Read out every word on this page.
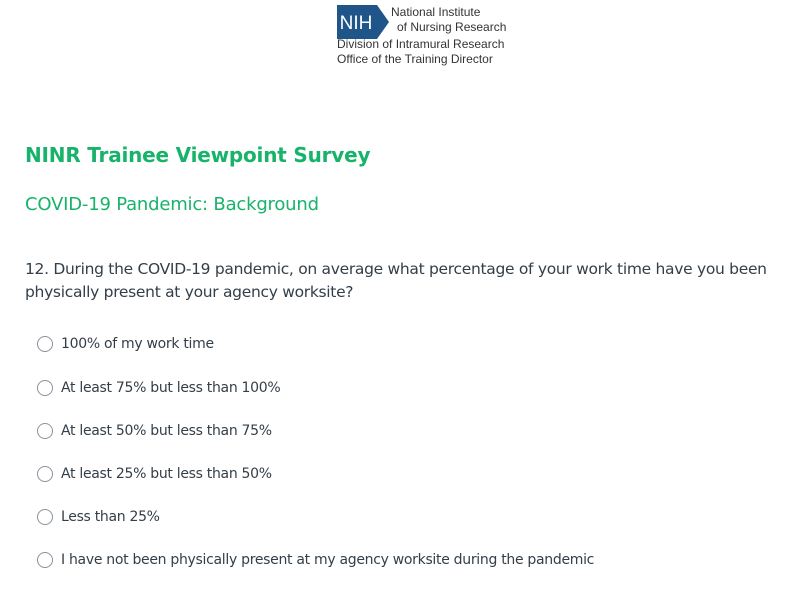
NIH
National Institute
of Nursing Research
Division of Intramural Research
Office of the Training Director
NINR Trainee Viewpoint Survey
COVID-19 Pandemic: Background
12. During the COVID-19 pandemic, on average what percentage of your work time have you been physically present at your agency worksite?
100% of my work time
At least 75% but less than 100%
At least 50% but less than 75%
At least 25% but less than 50%
Less than 25%
I have not been physically present at my agency worksite during the pandemic
